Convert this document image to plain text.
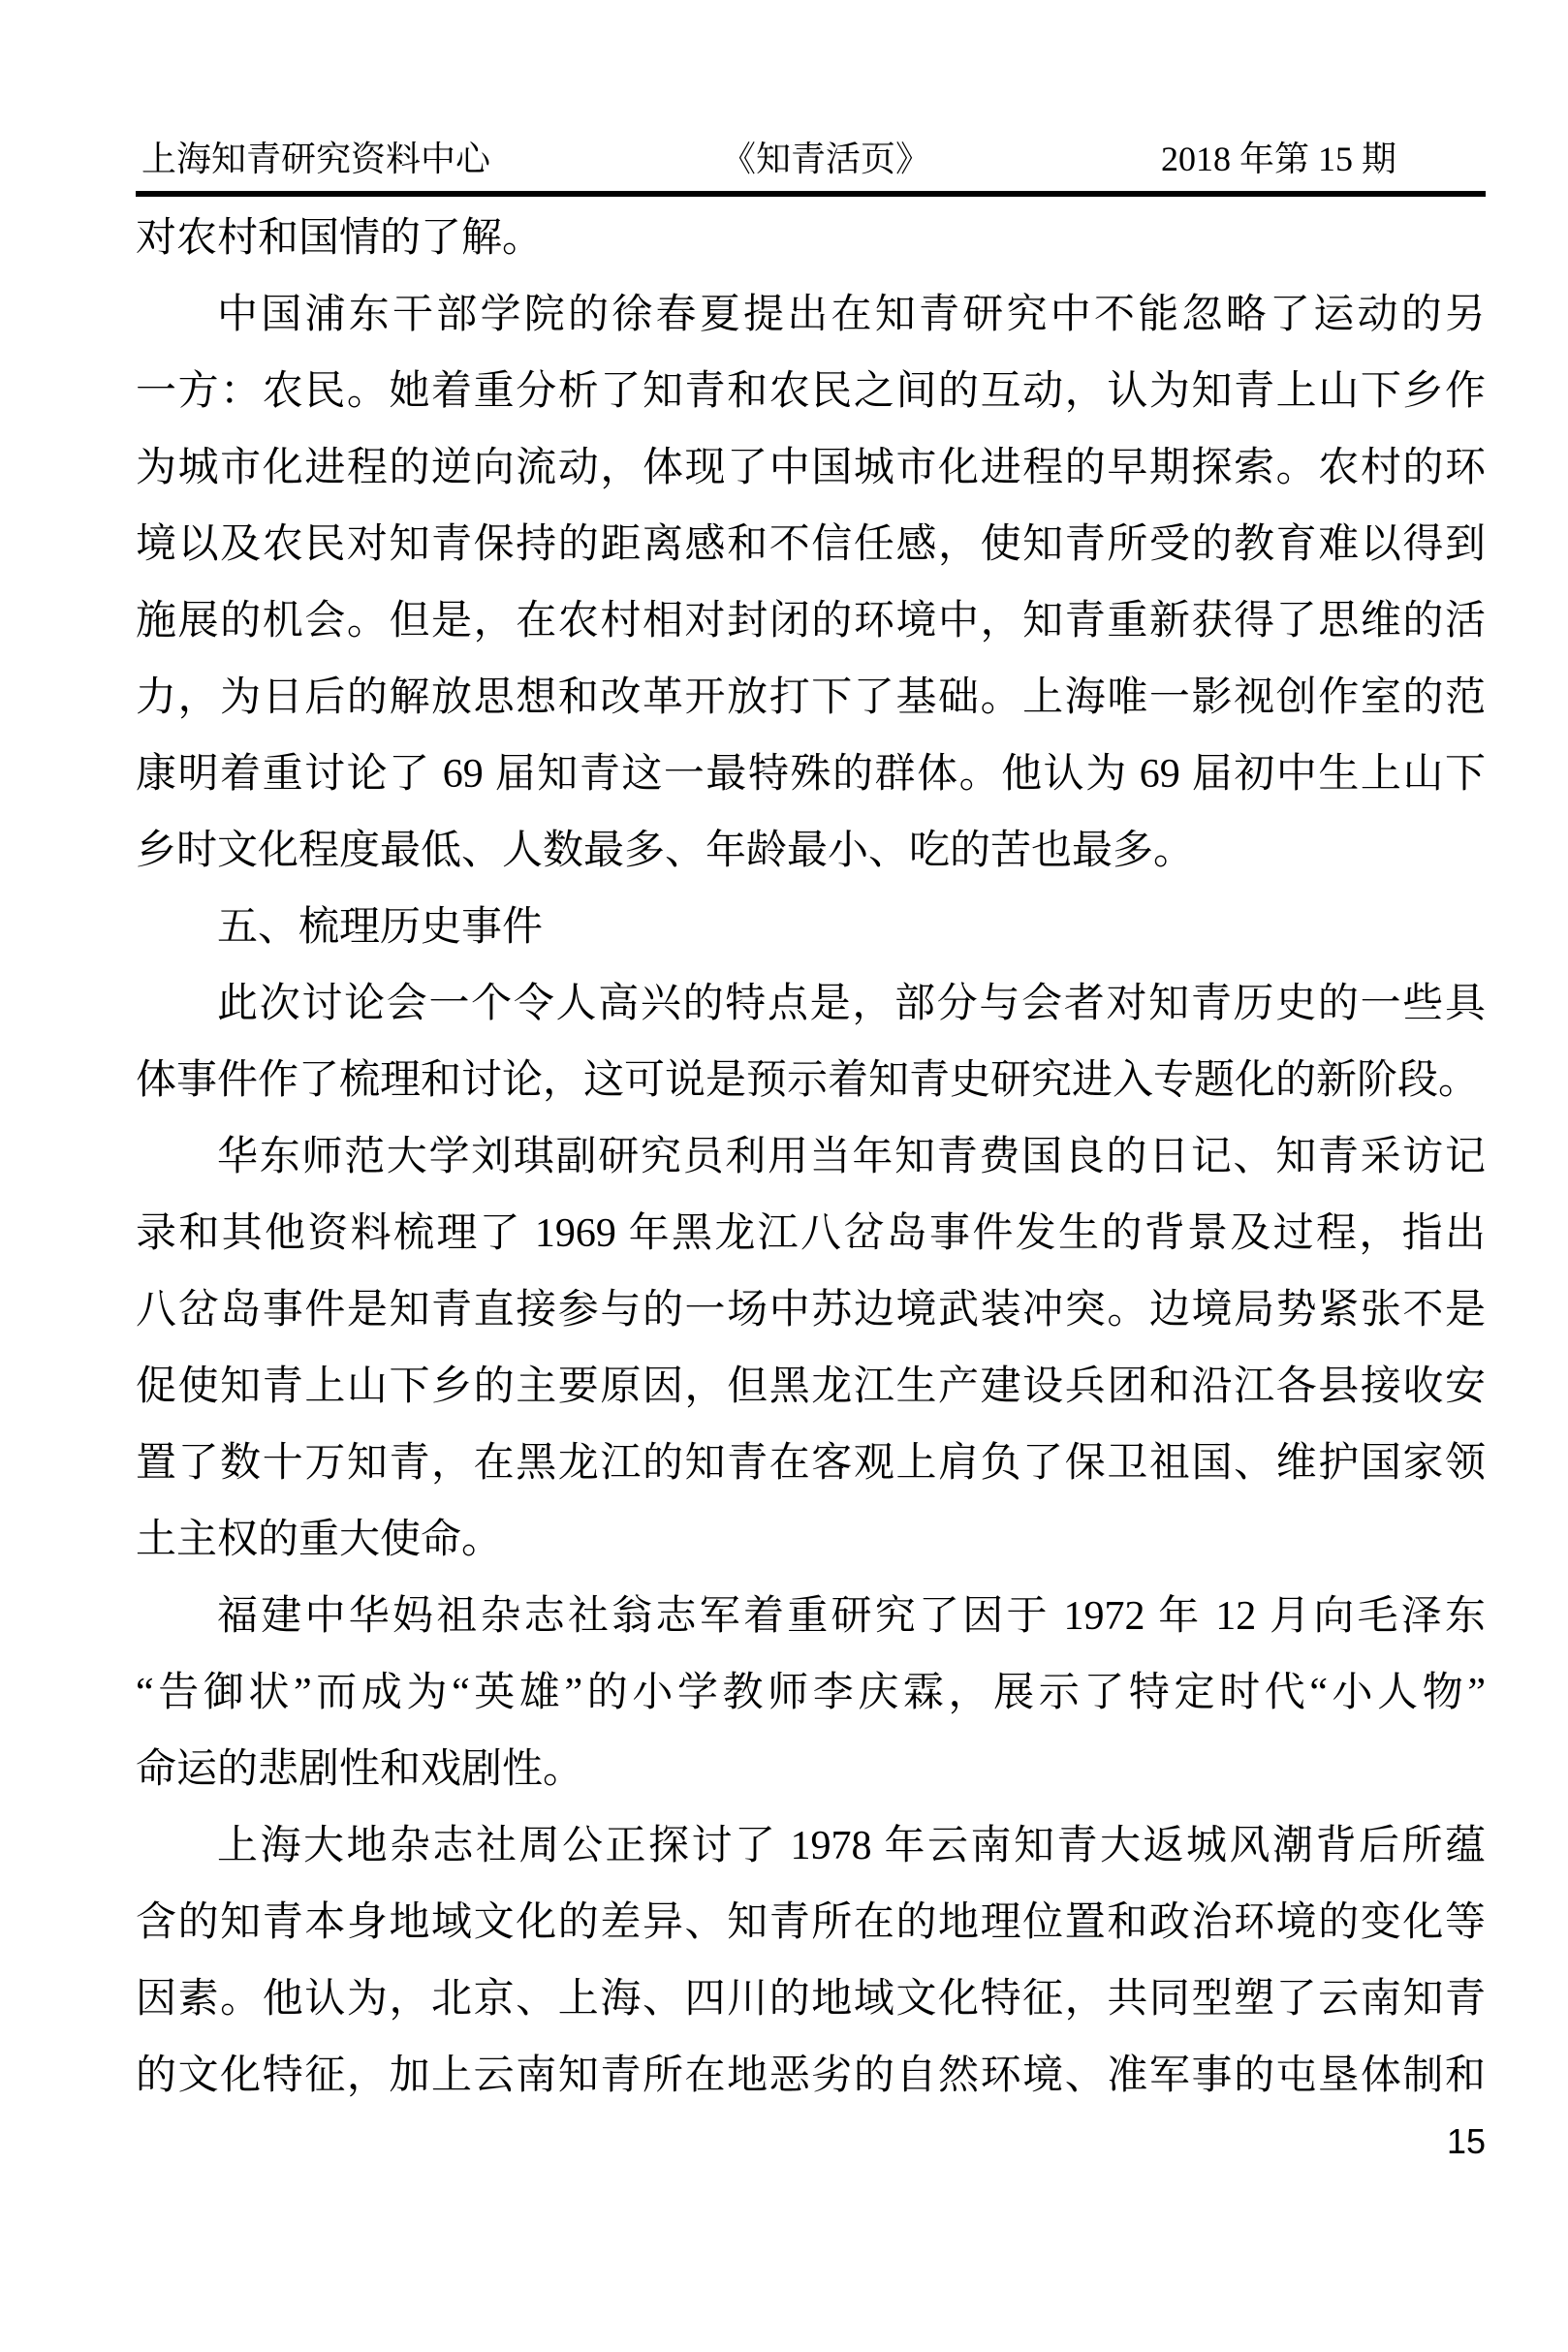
上海知青研究资料中心	《知青活页》	2018 年第 15 期
对农村和国情的了解。
中国浦东干部学院的徐春夏提出在知青研究中不能忽略了运动的另
一方：农民。她着重分析了知青和农民之间的互动，认为知青上山下乡作
为城市化进程的逆向流动，体现了中国城市化进程的早期探索。农村的环
境以及农民对知青保持的距离感和不信任感，使知青所受的教育难以得到
施展的机会。但是，在农村相对封闭的环境中，知青重新获得了思维的活
力，为日后的解放思想和改革开放打下了基础。上海唯一影视创作室的范
康明着重讨论了 69 届知青这一最特殊的群体。他认为 69 届初中生上山下
乡时文化程度最低、人数最多、年龄最小、吃的苦也最多。
五、梳理历史事件
此次讨论会一个令人高兴的特点是，部分与会者对知青历史的一些具
体事件作了梳理和讨论，这可说是预示着知青史研究进入专题化的新阶段。
华东师范大学刘琪副研究员利用当年知青费国良的日记、知青采访记
录和其他资料梳理了 1969 年黑龙江八岔岛事件发生的背景及过程，指出
八岔岛事件是知青直接参与的一场中苏边境武装冲突。边境局势紧张不是
促使知青上山下乡的主要原因，但黑龙江生产建设兵团和沿江各县接收安
置了数十万知青，在黑龙江的知青在客观上肩负了保卫祖国、维护国家领
土主权的重大使命。
福建中华妈祖杂志社翁志军着重研究了因于 1972 年 12 月向毛泽东
“告御状”而成为“英雄”的小学教师李庆霖，展示了特定时代“小人物”
命运的悲剧性和戏剧性。
上海大地杂志社周公正探讨了 1978 年云南知青大返城风潮背后所蕴
含的知青本身地域文化的差异、知青所在的地理位置和政治环境的变化等
因素。他认为，北京、上海、四川的地域文化特征，共同型塑了云南知青
的文化特征，加上云南知青所在地恶劣的自然环境、准军事的屯垦体制和
15
